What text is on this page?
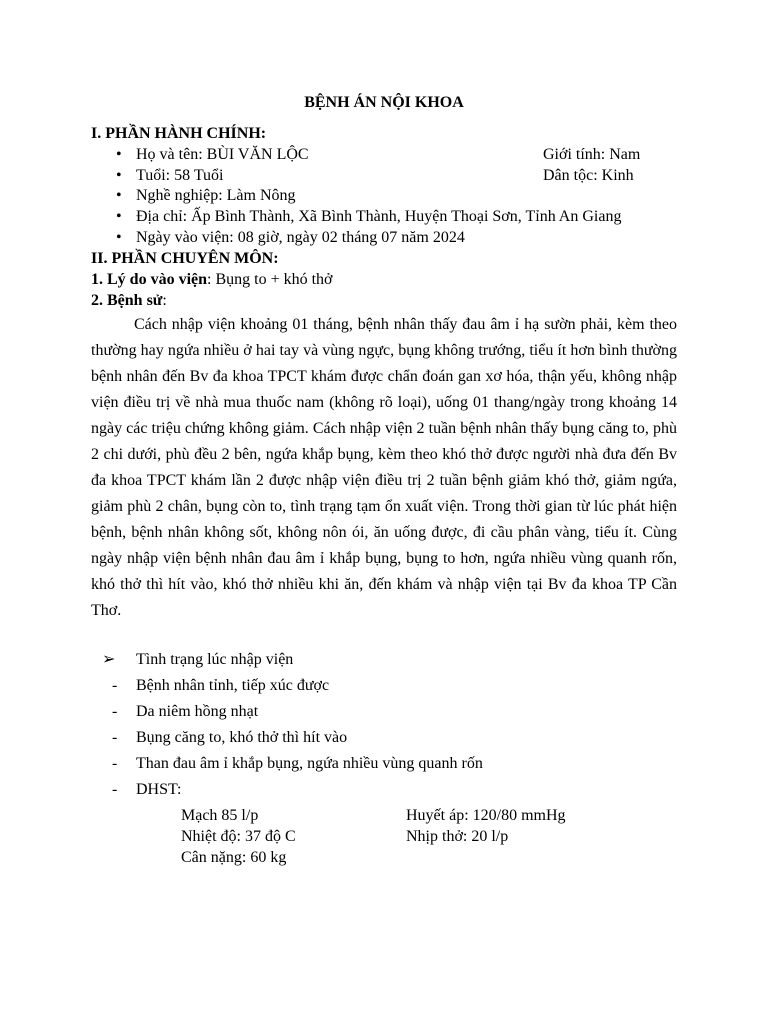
BỆNH ÁN NỘI KHOA
I. PHẦN HÀNH CHÍNH:
• Họ và tên: BÙI VĂN LỘC	Giới tính: Nam
• Tuổi: 58 Tuổi	Dân tộc: Kinh
• Nghề nghiệp: Làm Nông
• Địa chỉ: Ấp Bình Thành, Xã Bình Thành, Huyện Thoại Sơn, Tỉnh An Giang
• Ngày vào viện: 08 giờ, ngày 02 tháng 07 năm 2024
II. PHẦN CHUYÊN MÔN:
1. Lý do vào viện: Bụng to + khó thở
2. Bệnh sử:
Cách nhập viện khoảng 01 tháng, bệnh nhân thấy đau âm ỉ hạ sườn phải, kèm theo thường hay ngứa nhiều ở hai tay và vùng ngực, bụng không trướng, tiểu ít hơn bình thường bệnh nhân đến Bv đa khoa TPCT khám được chẩn đoán gan xơ hóa, thận yếu, không nhập viện điều trị về nhà mua thuốc nam (không rõ loại), uống 01 thang/ngày trong khoảng 14 ngày các triệu chứng không giảm. Cách nhập viện 2 tuần bệnh nhân thấy bụng căng to, phù 2 chi dưới, phù đều 2 bên, ngứa khắp bụng, kèm theo khó thở được người nhà đưa đến Bv đa khoa TPCT khám lần 2 được nhập viện điều trị 2 tuần bệnh giảm khó thở, giảm ngứa, giảm phù 2 chân, bụng còn to, tình trạng tạm ổn xuất viện. Trong thời gian từ lúc phát hiện bệnh, bệnh nhân không sốt, không nôn ói, ăn uống được, đi cầu phân vàng, tiểu ít. Cùng ngày nhập viện bệnh nhân đau âm ỉ khắp bụng, bụng to hơn, ngứa nhiều vùng quanh rốn, khó thở thì hít vào, khó thở nhiều khi ăn, đến khám và nhập viện tại Bv đa khoa TP Cần Thơ.
➢ Tình trạng lúc nhập viện
- Bệnh nhân tỉnh, tiếp xúc được
- Da niêm hồng nhạt
- Bụng căng to, khó thở thì hít vào
- Than đau âm ỉ khắp bụng, ngứa nhiều vùng quanh rốn
- DHST:
Mạch 85 l/p	Huyết áp: 120/80 mmHg
Nhiệt độ: 37 độ C	Nhịp thở: 20 l/p
Cân nặng: 60 kg
